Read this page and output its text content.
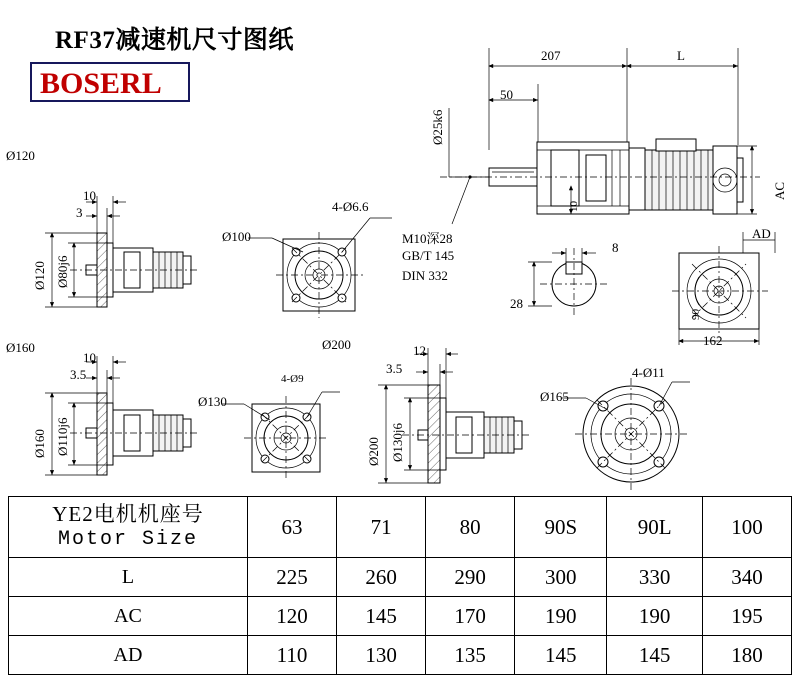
RF37减速机尺寸图纸
BOSERL
207	L
50
Ø25k6
AC
10
M10深28
GB/T 145
DIN 332
8
28
AD
90
162
Ø120
10
3
Ø120 Ø80j6
4-Ø6.6
Ø100
Ø160
10
3.5
Ø160 Ø110j6
4-Ø9
Ø130
Ø200	12
3.5
Ø200 Ø130j6
4-Ø11
Ø165
YE2电机机座号
Motor Size	63	71	80	90S	90L	100
L	225	260	290	300	330	340
AC	120	145	170	190	190	195
AD	110	130	135	145	145	180
